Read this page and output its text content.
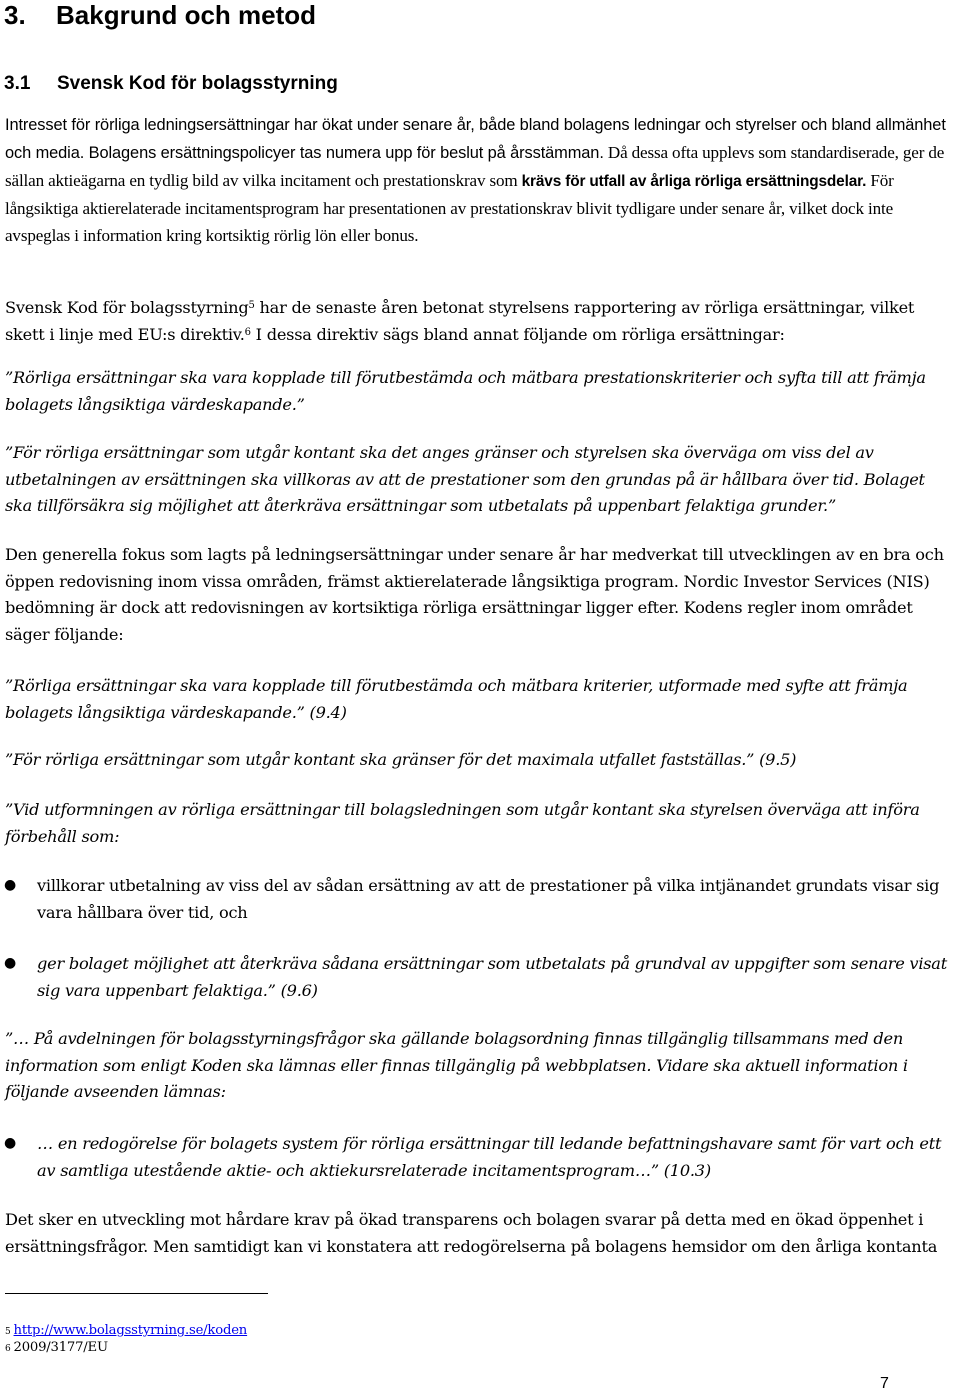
3. Bakgrund och metod
3.1 Svensk Kod för bolagsstyrning

Intresset för rörliga ledningsersättningar har ökat under senare år, både bland bolagens ledningar och styrelser och bland allmänhet och media. Bolagens ersättningspolicyer tas numera upp för beslut på årsstämman. Då dessa ofta upplevs som standardiserade, ger de sällan aktieägarna en tydlig bild av vilka incitament och prestationskrav som krävs för utfall av årliga rörliga ersättningsdelar. För långsiktiga aktierelaterade incitamentsprogram har presentationen av prestationskrav blivit tydligare under senare år, vilket dock inte avspeglas i information kring kortsiktig rörlig lön eller bonus.

Svensk Kod för bolagsstyrning$^5$ har de senaste åren betonat styrelsens rapportering av rörliga ersättningar, vilket skett i linje med EU:s direktiv.$^6$ I dessa direktiv sägs bland annat följande om rörliga ersättningar:

”Rörliga ersättningar ska vara kopplade till förutbestämda och mätbara prestationskriterier och syfta till att främja bolagets långsiktiga värdeskapande.”

”För rörliga ersättningar som utgår kontant ska det anges gränser och styrelsen ska överväga om viss del av utbetalningen av ersättningen ska villkoras av att de prestationer som den grundas på är hållbara över tid. Bolaget ska tillförsäkra sig möjlighet att återkräva ersättningar som utbetalats på uppenbart felaktiga grunder.”

Den generella fokus som lagts på ledningsersättningar under senare år har medverkat till utvecklingen av en bra och öppen redovisning inom vissa områden, främst aktierelaterade långsiktiga program. Nordic Investor Services (NIS) bedömning är dock att redovisningen av kortsiktiga rörliga ersättningar ligger efter. Kodens regler inom området säger följande:

”Rörliga ersättningar ska vara kopplade till förutbestämda och mätbara kriterier, utformade med syfte att främja bolagets långsiktiga värdeskapande.” (9.4)

”För rörliga ersättningar som utgår kontant ska gränser för det maximala utfallet fastställas.” (9.5)

”Vid utformningen av rörliga ersättningar till bolagsledningen som utgår kontant ska styrelsen överväga att införa förbehåll som:

● villkorar utbetalning av viss del av sådan ersättning av att de prestationer på vilka intjänandet grundats visar sig vara hållbara över tid, och

● ger bolaget möjlighet att återkräva sådana ersättningar som utbetalats på grundval av uppgifter som senare visat sig vara uppenbart felaktiga.” (9.6)

”… På avdelningen för bolagsstyrningsfrågor ska gällande bolagsordning finnas tillgänglig tillsammans med den information som enligt Koden ska lämnas eller finnas tillgänglig på webbplatsen. Vidare ska aktuell information i följande avseenden lämnas:

● … en redogörelse för bolagets system för rörliga ersättningar till ledande befattningshavare samt för vart och ett av samtliga utestående aktie- och aktiekursrelaterade incitamentsprogram…” (10.3)

Det sker en utveckling mot hårdare krav på ökad transparens och bolagen svarar på detta med en ökad öppenhet i ersättningsfrågor. Men samtidigt kan vi konstatera att redogörelserna på bolagens hemsidor om den årliga kontanta

5 http://www.bolagsstyrning.se/koden

6 2009/3177/EU

7
